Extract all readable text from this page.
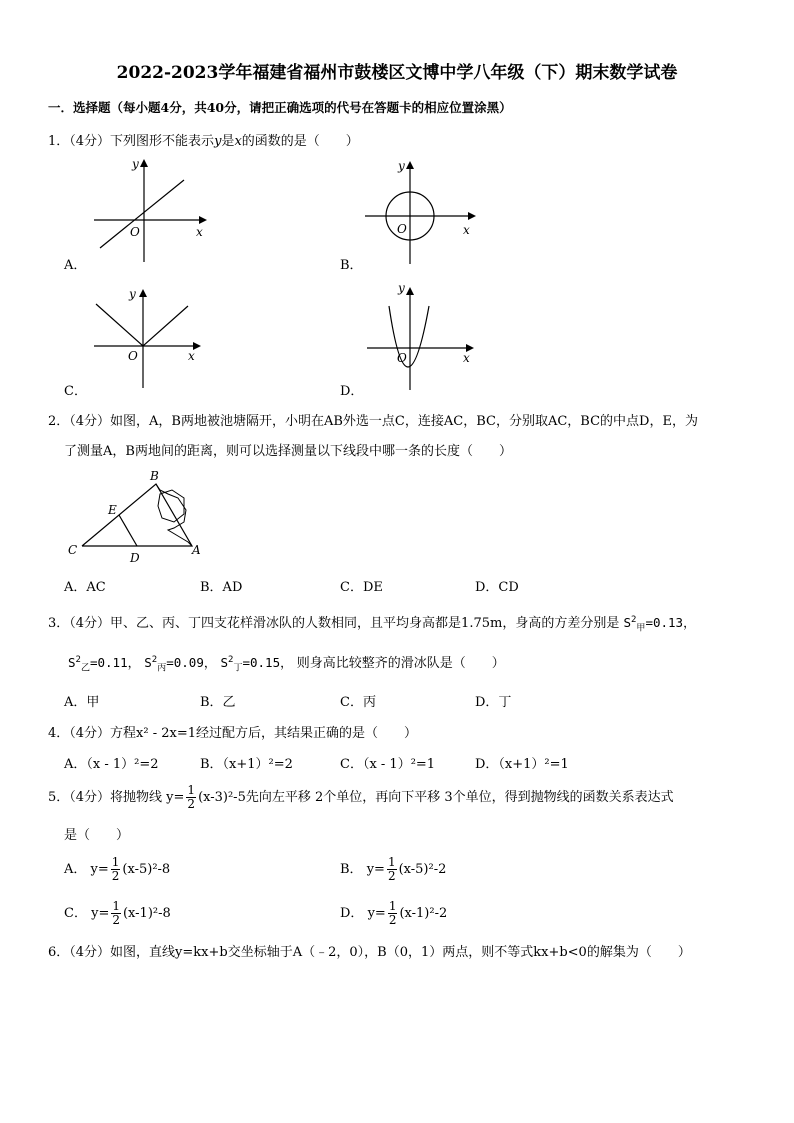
2022-2023学年福建省福州市鼓楼区文博中学八年级（下）期末数学试卷
一．选择题（每小题4分，共40分，请把正确选项的代号在答题卡的相应位置涂黑）
1．（4分）下列图形不能表示y是x的函数的是（　　）
y
x
O
A．
y
x
O
B．
y
x
O
C．
y
x
O
D．
2．（4分）如图，A，B两地被池塘隔开，小明在AB外选一点C，连接AC，BC，分别取AC，BC的中点D，E，为
了测量A，B两地间的距离，则可以选择测量以下线段中哪一条的长度（　　）
B
E
C
D
A
A．AC	B．AD	C．DE	D．CD
3．（4分）甲、乙、丙、丁四支花样滑冰队的人数相同，且平均身高都是1.75m，身高的方差分别是 $S^2_甲=0.13$，
$S^2_乙=0.11$， $S^2_丙=0.09$， $S^2_丁=0.15$， 则身高比较整齐的滑冰队是（　　）
A．甲	B．乙	C．丙	D．丁
4．（4分）方程x² - 2x=1经过配方后，其结果正确的是（　　）
A．（x - 1）²=2	B．（x+1）²=2	C．（x - 1）²=1	D．（x+1）²=1
5．（4分）将抛物线 $y= \frac{1}{2} (x-3)^2-5$先向左平移 2个单位，再向下平移 3个单位，得到抛物线的函数关系表达式
是（　　）
A． $y= \frac{1}{2} (x-5)^2-8$	B． $y= \frac{1}{2} (x-5)^2-2$
C． $y= \frac{1}{2} (x-1)^2-8$	D． $y= \frac{1}{2} (x-1)^2-2$
6．（4分）如图，直线y=kx+b交坐标轴于A（﹣2，0），B（0，1）两点，则不等式kx+b<0的解集为（　　）
